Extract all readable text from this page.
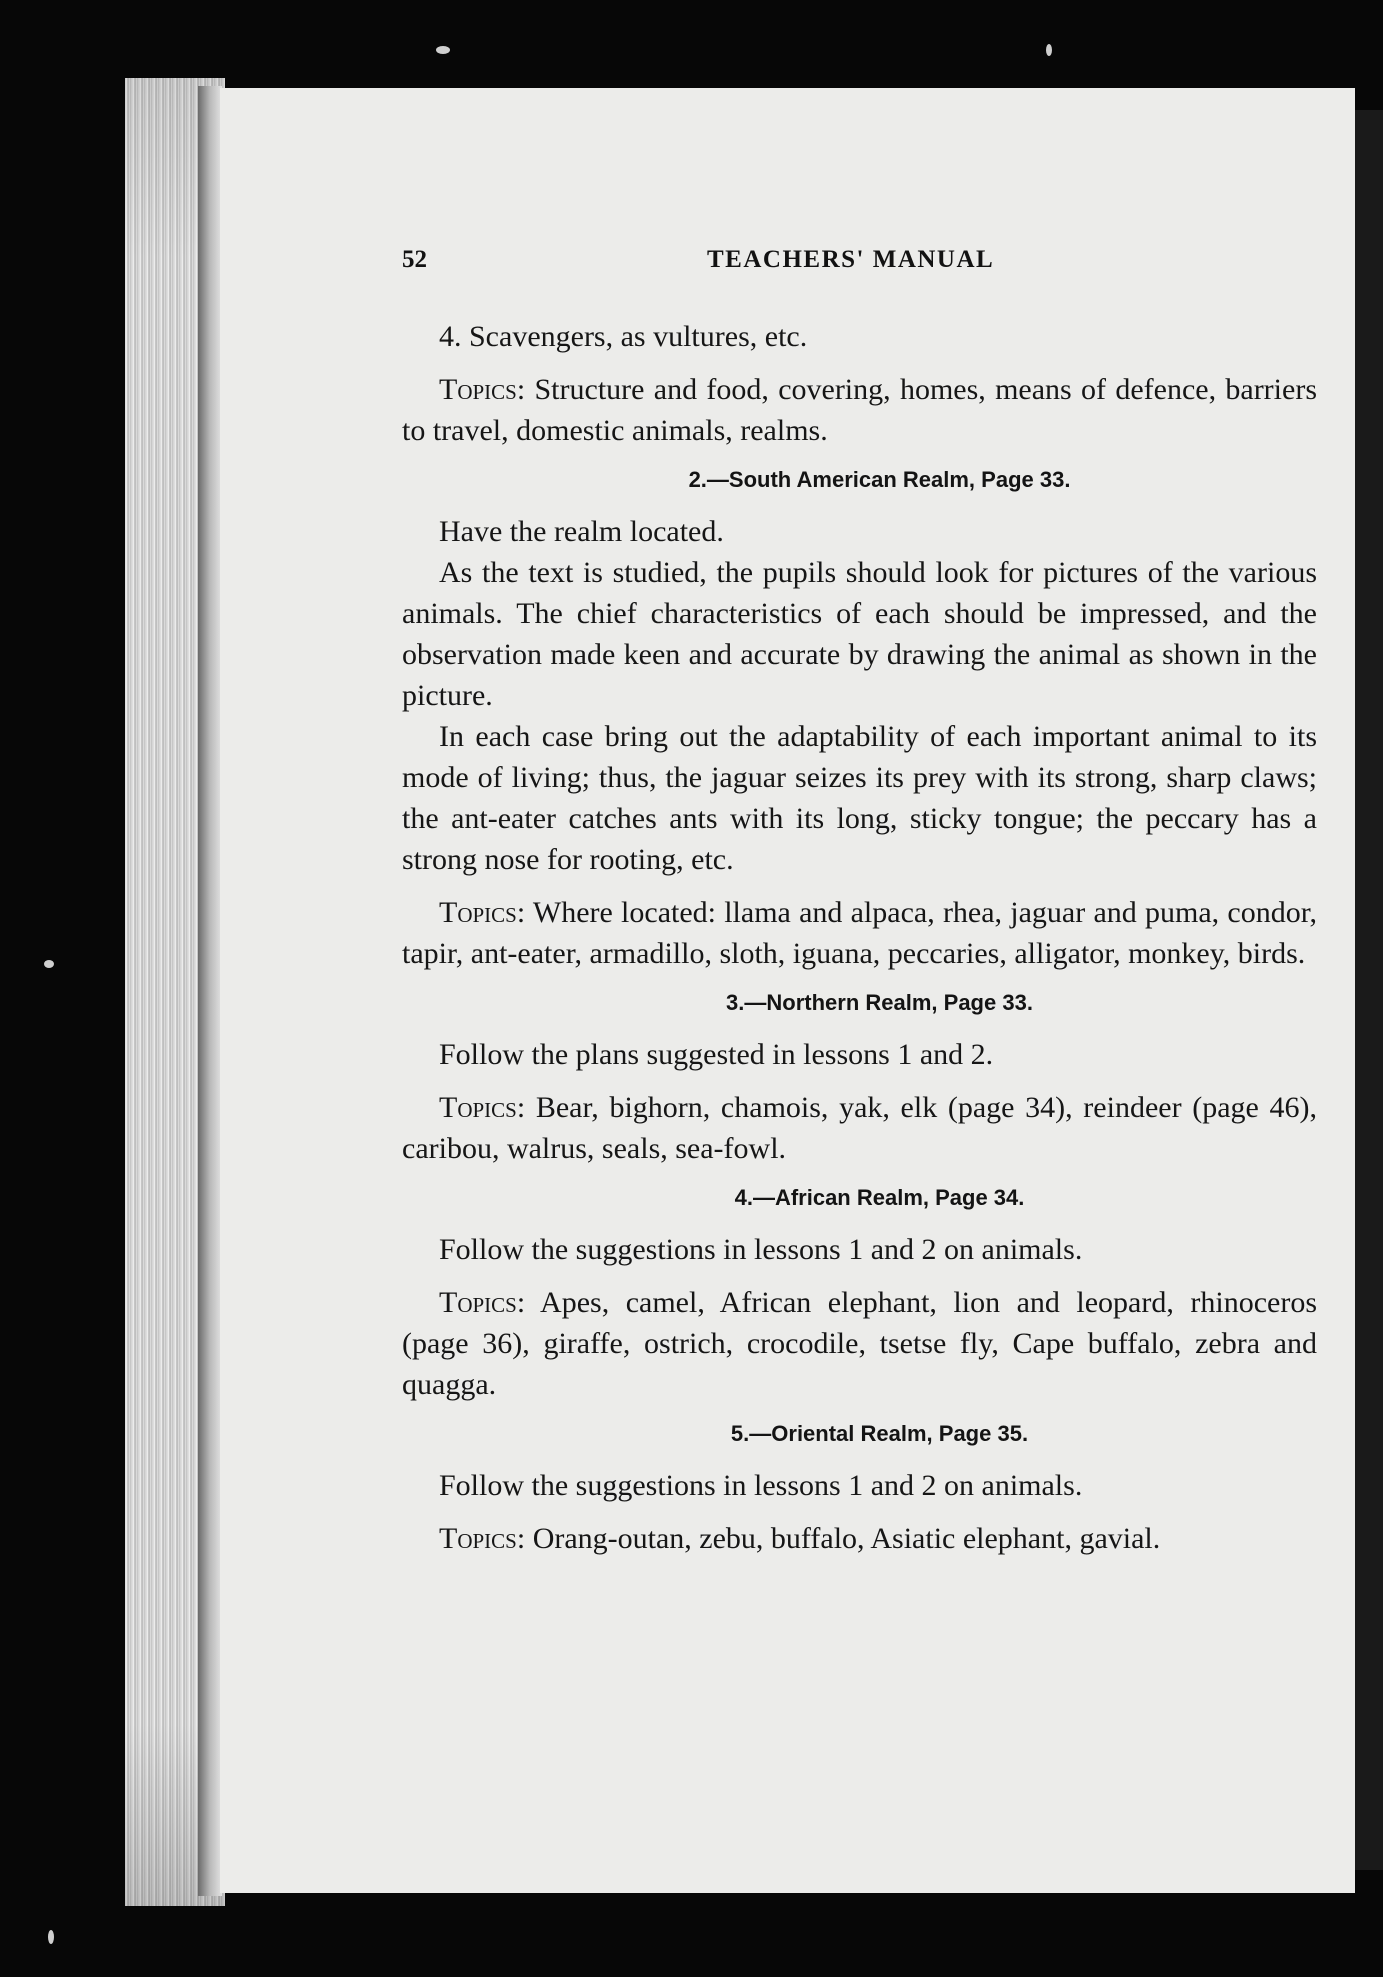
52	TEACHERS' MANUAL

4. Scavengers, as vultures, etc.

Topics: Structure and food, covering, homes, means of defence, barriers to travel, domestic animals, realms.

2.—South American Realm, Page 33.

Have the realm located.

As the text is studied, the pupils should look for pictures of the various animals. The chief characteristics of each should be impressed, and the observation made keen and accurate by drawing the animal as shown in the picture.

In each case bring out the adaptability of each important animal to its mode of living; thus, the jaguar seizes its prey with its strong, sharp claws; the ant-eater catches ants with its long, sticky tongue; the peccary has a strong nose for rooting, etc.

Topics: Where located: llama and alpaca, rhea, jaguar and puma, condor, tapir, ant-eater, armadillo, sloth, iguana, peccaries, alligator, monkey, birds.

3.—Northern Realm, Page 33.

Follow the plans suggested in lessons 1 and 2.

Topics: Bear, bighorn, chamois, yak, elk (page 34), reindeer (page 46), caribou, walrus, seals, sea-fowl.

4.—African Realm, Page 34.

Follow the suggestions in lessons 1 and 2 on animals.

Topics: Apes, camel, African elephant, lion and leopard, rhinoceros (page 36), giraffe, ostrich, crocodile, tsetse fly, Cape buffalo, zebra and quagga.

5.—Oriental Realm, Page 35.

Follow the suggestions in lessons 1 and 2 on animals.

Topics: Orang-outan, zebu, buffalo, Asiatic elephant, gavial.
